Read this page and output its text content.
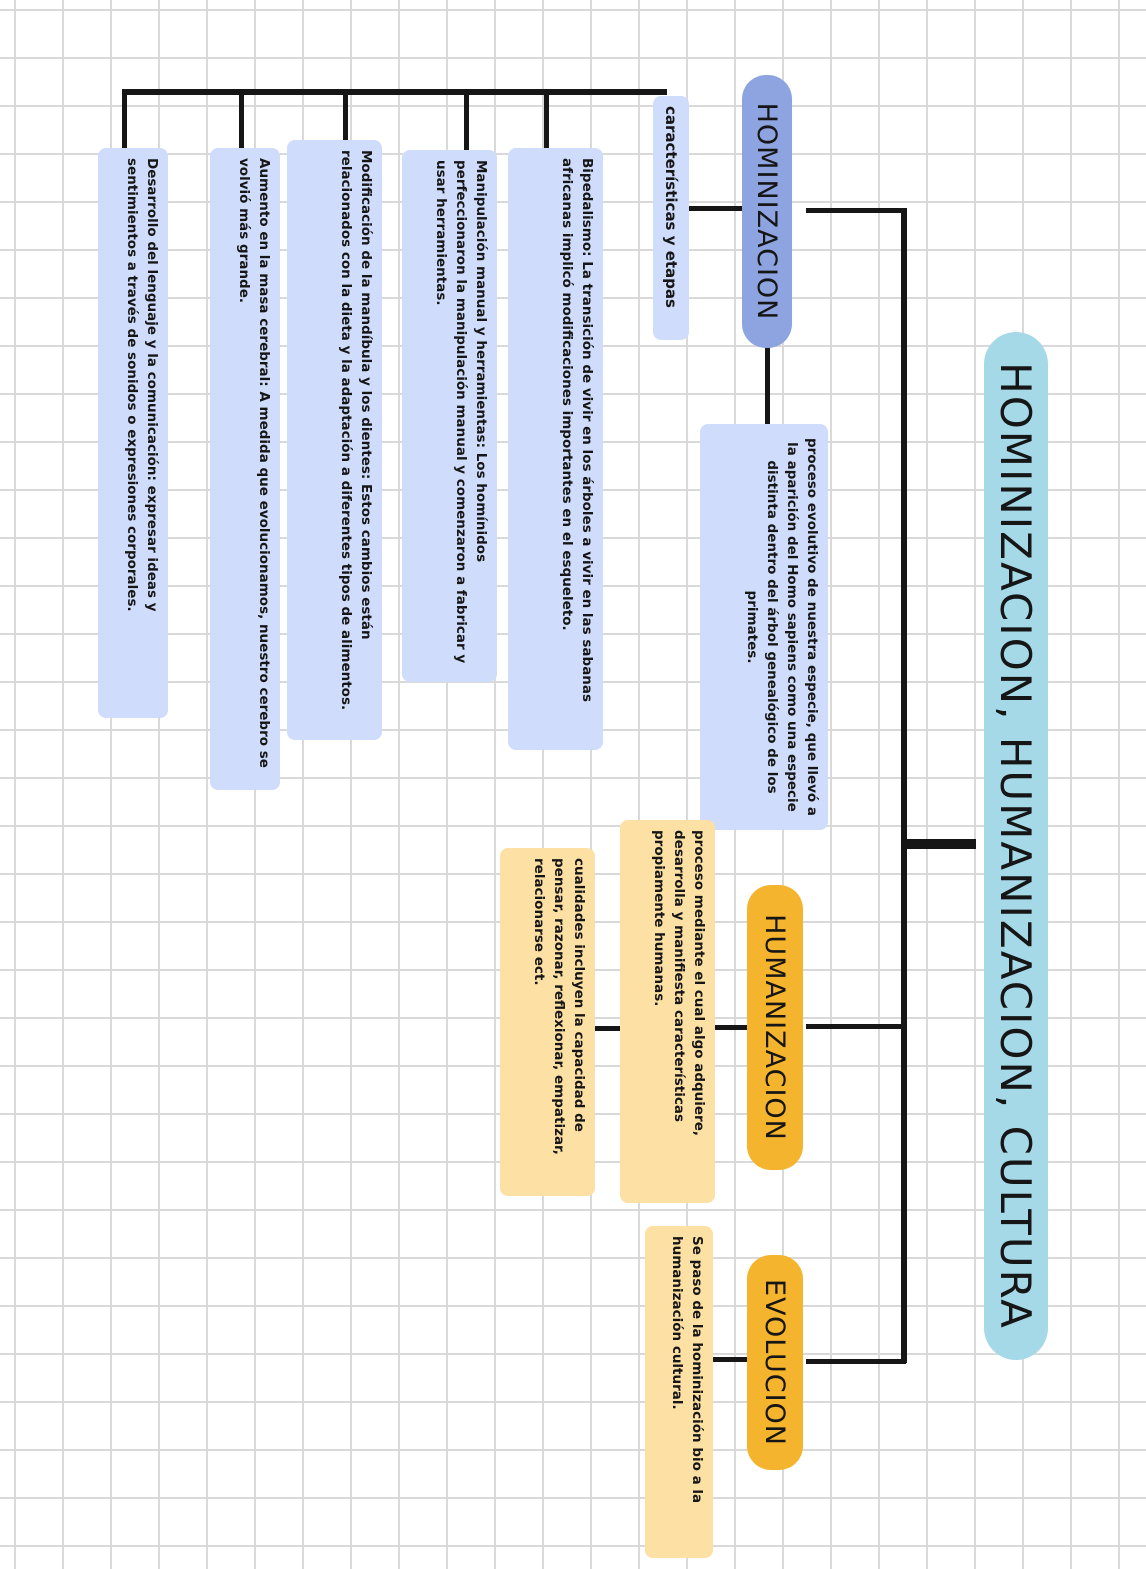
HOMINIZACION, HUMANIZACION, CULTURA
HOMINIZACION
proceso evolutivo de nuestra especie, que llevó a la aparición del Homo sapiens como una especie distinta dentro del árbol genealógico de los primates.
características y etapas
Bipedalismo: La transición de vivir en los árboles a vivir en las sabanas africanas implicó modificaciones importantes en el esqueleto.
Manipulación manual y herramientas: Los homínidos perfeccionaron la manipulación manual y comenzaron a fabricar y usar herramientas.
Modificación de la mandíbula y los dientes: Estos cambios están relacionados con la dieta y la adaptación a diferentes tipos de alimentos.
Aumento en la masa cerebral: A medida que evolucionamos, nuestro cerebro se volvió más grande.
Desarrollo del lenguaje y la comunicación: expresar ideas y sentimientos a través de sonidos o expresiones corporales.
HUMANIZACION
proceso mediante el cual algo adquiere, desarrolla y manifiesta características propiamente humanas.
cualidades incluyen la capacidad de pensar, razonar, reflexionar, empatizar, relacionarse ect.
EVOLUCION
Se paso de la hominización bio a la humanización cultural.
